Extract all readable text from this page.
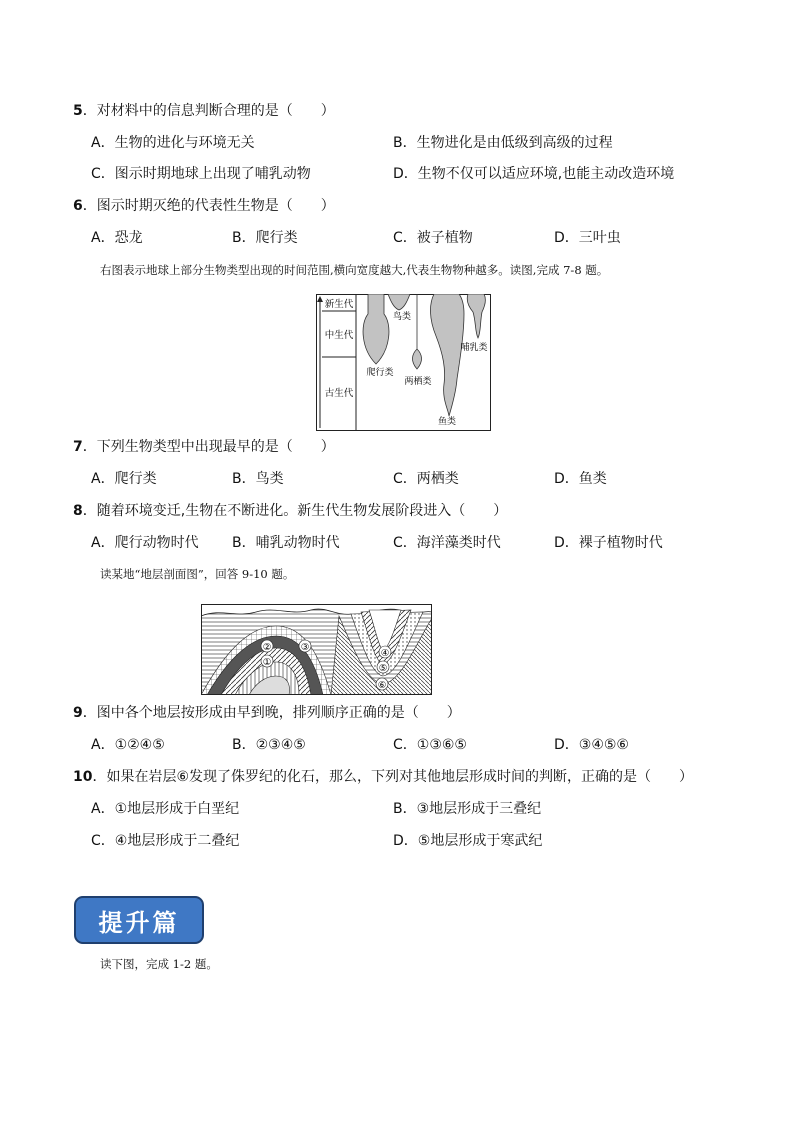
5．对材料中的信息判断合理的是（　　）
A．生物的进化与环境无关	B．生物进化是由低级到高级的过程
C．图示时期地球上出现了哺乳动物	D．生物不仅可以适应环境,也能主动改造环境
6．图示时期灭绝的代表性生物是（　　）
A．恐龙	B．爬行类	C．被子植物	D．三叶虫
右图表示地球上部分生物类型出现的时间范围,横向宽度越大,代表生物物种越多。读图,完成 7-8 题。
新生代
中生代
古生代
鸟类
哺乳类
爬行类
两栖类
鱼类
7．下列生物类型中出现最早的是（　　）
A．爬行类	B．鸟类	C．两栖类	D．鱼类
8．随着环境变迁,生物在不断进化。新生代生物发展阶段进入（　　）
A．爬行动物时代 B．哺乳动物时代	C．海洋藻类时代	D．裸子植物时代
读某地“地层剖面图”，回答 9-10 题。
②	③
①
④
⑤
⑥
9．图中各个地层按形成由早到晚，排列顺序正确的是（　　）
A．①②④⑤	B．②③④⑤	C．①③⑥⑤	D．③④⑤⑥
10．如果在岩层⑥发现了侏罗纪的化石，那么，下列对其他地层形成时间的判断，正确的是（　　）
A．①地层形成于白垩纪	B．③地层形成于三叠纪
C．④地层形成于二叠纪	D．⑤地层形成于寒武纪
提升篇
读下图，完成 1-2 题。
